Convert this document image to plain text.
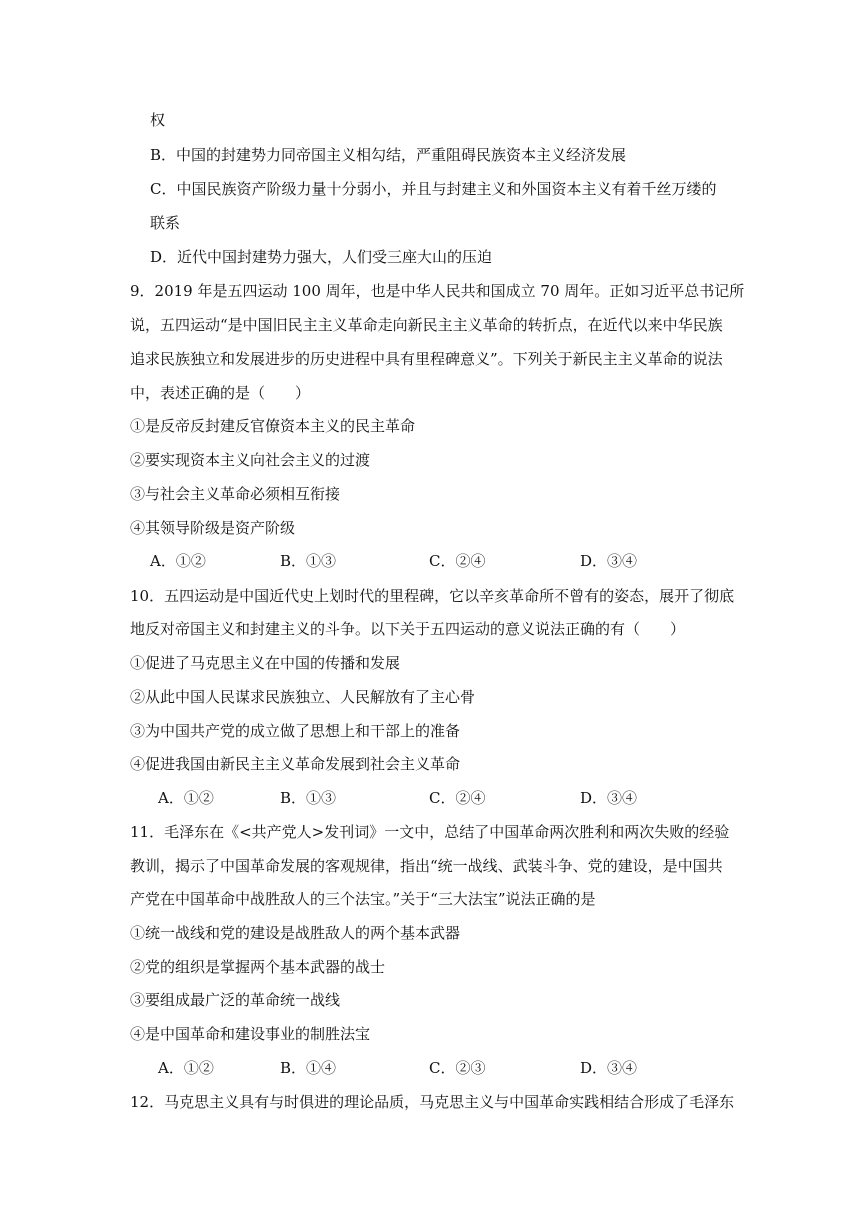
权
B．中国的封建势力同帝国主义相勾结，严重阻碍民族资本主义经济发展
C．中国民族资产阶级力量十分弱小，并且与封建主义和外国资本主义有着千丝万缕的
联系
D．近代中国封建势力强大，人们受三座大山的压迫
9．2019 年是五四运动 100 周年，也是中华人民共和国成立 70 周年。正如习近平总书记所
说，五四运动“是中国旧民主主义革命走向新民主主义革命的转折点，在近代以来中华民族
追求民族独立和发展进步的历史进程中具有里程碑意义”。下列关于新民主主义革命的说法
中，表述正确的是（　　）
①是反帝反封建反官僚资本主义的民主革命
②要实现资本主义向社会主义的过渡
③与社会主义革命必须相互衔接
④其领导阶级是资产阶级
A．①②	B．①③	C．②④	D．③④
10．五四运动是中国近代史上划时代的里程碑，它以辛亥革命所不曾有的姿态，展开了彻底
地反对帝国主义和封建主义的斗争。以下关于五四运动的意义说法正确的有（　　）
①促进了马克思主义在中国的传播和发展
②从此中国人民谋求民族独立、人民解放有了主心骨
③为中国共产党的成立做了思想上和干部上的准备
④促进我国由新民主主义革命发展到社会主义革命
A．①②	B．①③	C．②④	D．③④
11．毛泽东在《<共产党人>发刊词》一文中，总结了中国革命两次胜利和两次失败的经验
教训，揭示了中国革命发展的客观规律，指出“统一战线、武装斗争、党的建设，是中国共
产党在中国革命中战胜敌人的三个法宝。”关于“三大法宝”说法正确的是
①统一战线和党的建设是战胜敌人的两个基本武器
②党的组织是掌握两个基本武器的战士
③要组成最广泛的革命统一战线
④是中国革命和建设事业的制胜法宝
A．①②	B．①④	C．②③	D．③④
12．马克思主义具有与时俱进的理论品质，马克思主义与中国革命实践相结合形成了毛泽东
